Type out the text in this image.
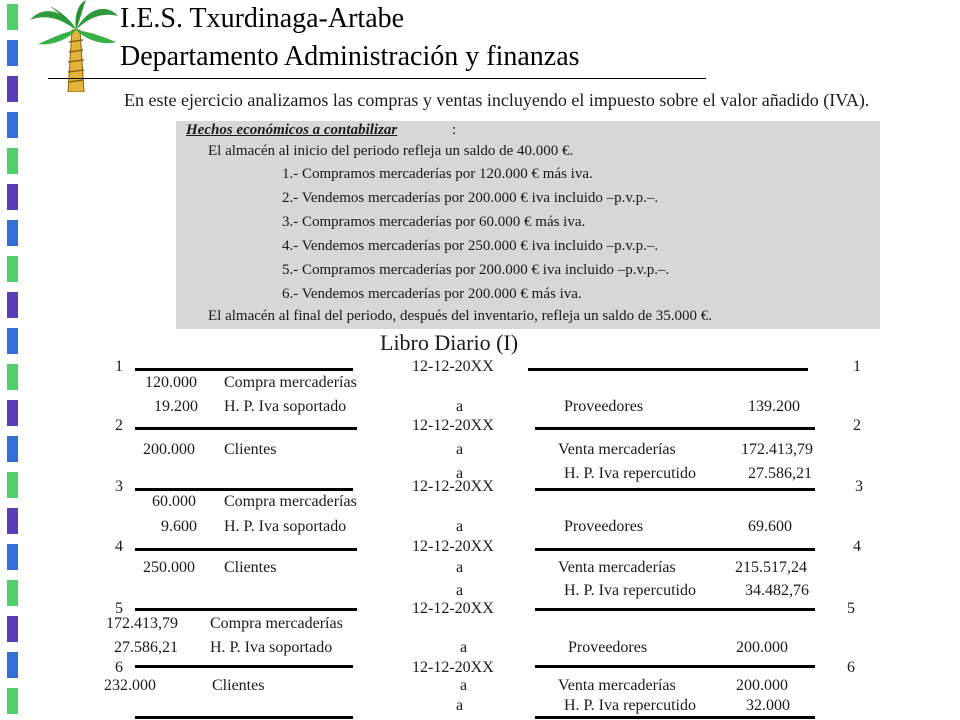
I.E.S. Txurdinaga-Artabe
Departamento Administración y finanzas
En este ejercicio analizamos las compras y ventas incluyendo el impuesto sobre el valor añadido (IVA).
Hechos económicos a contabilizar	:
El almacén al inicio del periodo refleja un saldo de 40.000 €.
1.- Compramos mercaderías por 120.000 € más iva.
2.- Vendemos mercaderías por 200.000 € iva incluido –p.v.p.–.
3.- Compramos mercaderías por 60.000 € más iva.
4.- Vendemos mercaderías por 250.000 € iva incluido –p.v.p.–.
5.- Compramos mercaderías por 200.000 € iva incluido –p.v.p.–.
6.- Vendemos mercaderías por 200.000 € más iva.
El almacén al final del periodo, después del inventario, refleja un saldo de 35.000 €.
Libro Diario (I)
1	12-12-20XX	1
120.000 Compra mercaderías
19.200 H. P. Iva soportado	a	Proveedores	139.200
2	12-12-20XX	2
200.000 Clientes	a	Venta mercaderías	172.413,79
a	H. P. Iva repercutido	27.586,21
3	12-12-20XX	3
60.000 Compra mercaderías
9.600 H. P. Iva soportado	a	Proveedores	69.600
4	12-12-20XX	4
250.000 Clientes	a	Venta mercaderías	215.517,24
a	H. P. Iva repercutido	34.482,76
5	12-12-20XX	5
172.413,79 Compra mercaderías
27.586,21 H. P. Iva soportado	a	Proveedores	200.000
6	12-12-20XX	6
232.000	Clientes	a	Venta mercaderías	200.000
a	H. P. Iva repercutido	32.000
